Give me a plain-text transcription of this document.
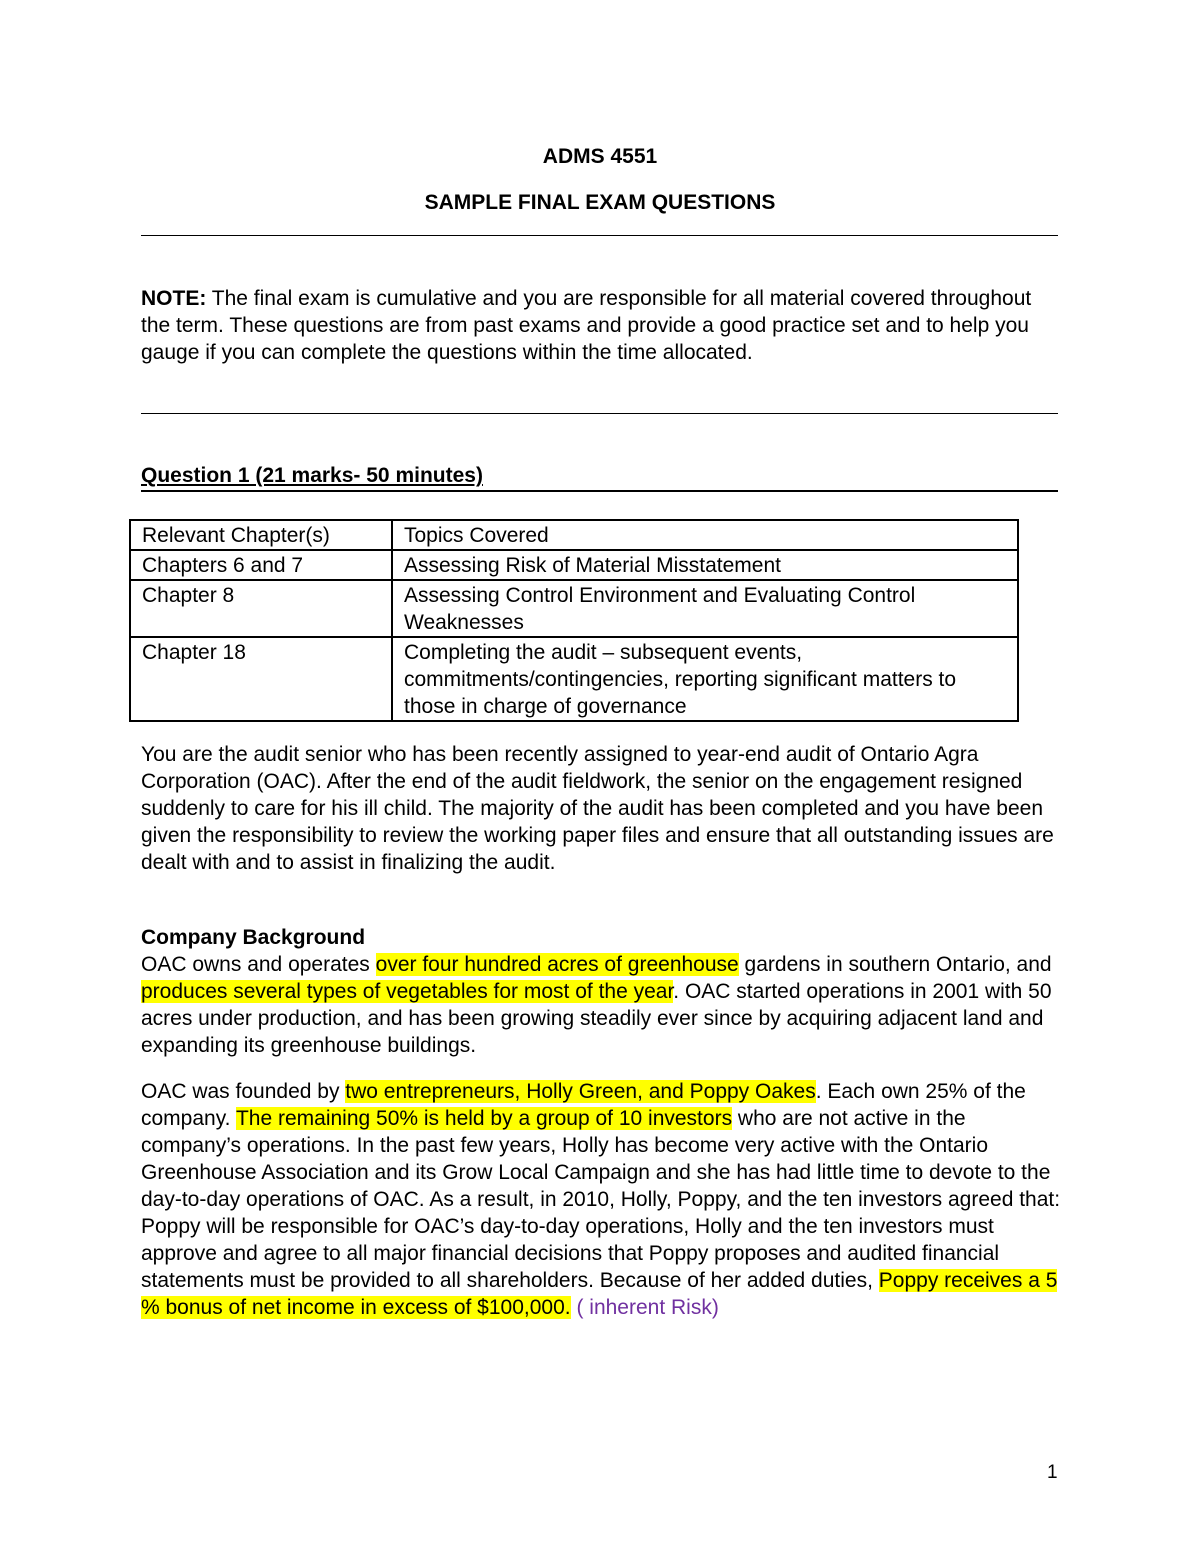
ADMS 4551
SAMPLE FINAL EXAM QUESTIONS
NOTE: The final exam is cumulative and you are responsible for all material covered throughout the term. These questions are from past exams and provide a good practice set and to help you gauge if you can complete the questions within the time allocated.
Question 1 (21 marks- 50 minutes)
Relevant Chapter(s)	Topics Covered
Chapters 6 and 7	Assessing Risk of Material Misstatement
Chapter 8	Assessing Control Environment and Evaluating Control Weaknesses
Chapter 18	Completing the audit – subsequent events, commitments/contingencies, reporting significant matters to those in charge of governance
You are the audit senior who has been recently assigned to year-end audit of Ontario Agra Corporation (OAC). After the end of the audit fieldwork, the senior on the engagement resigned suddenly to care for his ill child. The majority of the audit has been completed and you have been given the responsibility to review the working paper files and ensure that all outstanding issues are dealt with and to assist in finalizing the audit.
Company Background
OAC owns and operates over four hundred acres of greenhouse gardens in southern Ontario, and produces several types of vegetables for most of the year. OAC started operations in 2001 with 50 acres under production, and has been growing steadily ever since by acquiring adjacent land and expanding its greenhouse buildings.
OAC was founded by two entrepreneurs, Holly Green, and Poppy Oakes. Each own 25% of the company. The remaining 50% is held by a group of 10 investors who are not active in the company’s operations. In the past few years, Holly has become very active with the Ontario Greenhouse Association and its Grow Local Campaign and she has had little time to devote to the day-to-day operations of OAC. As a result, in 2010, Holly, Poppy, and the ten investors agreed that: Poppy will be responsible for OAC’s day-to-day operations, Holly and the ten investors must approve and agree to all major financial decisions that Poppy proposes and audited financial statements must be provided to all shareholders. Because of her added duties, Poppy receives a 5 % bonus of net income in excess of $100,000. ( inherent Risk)
1
